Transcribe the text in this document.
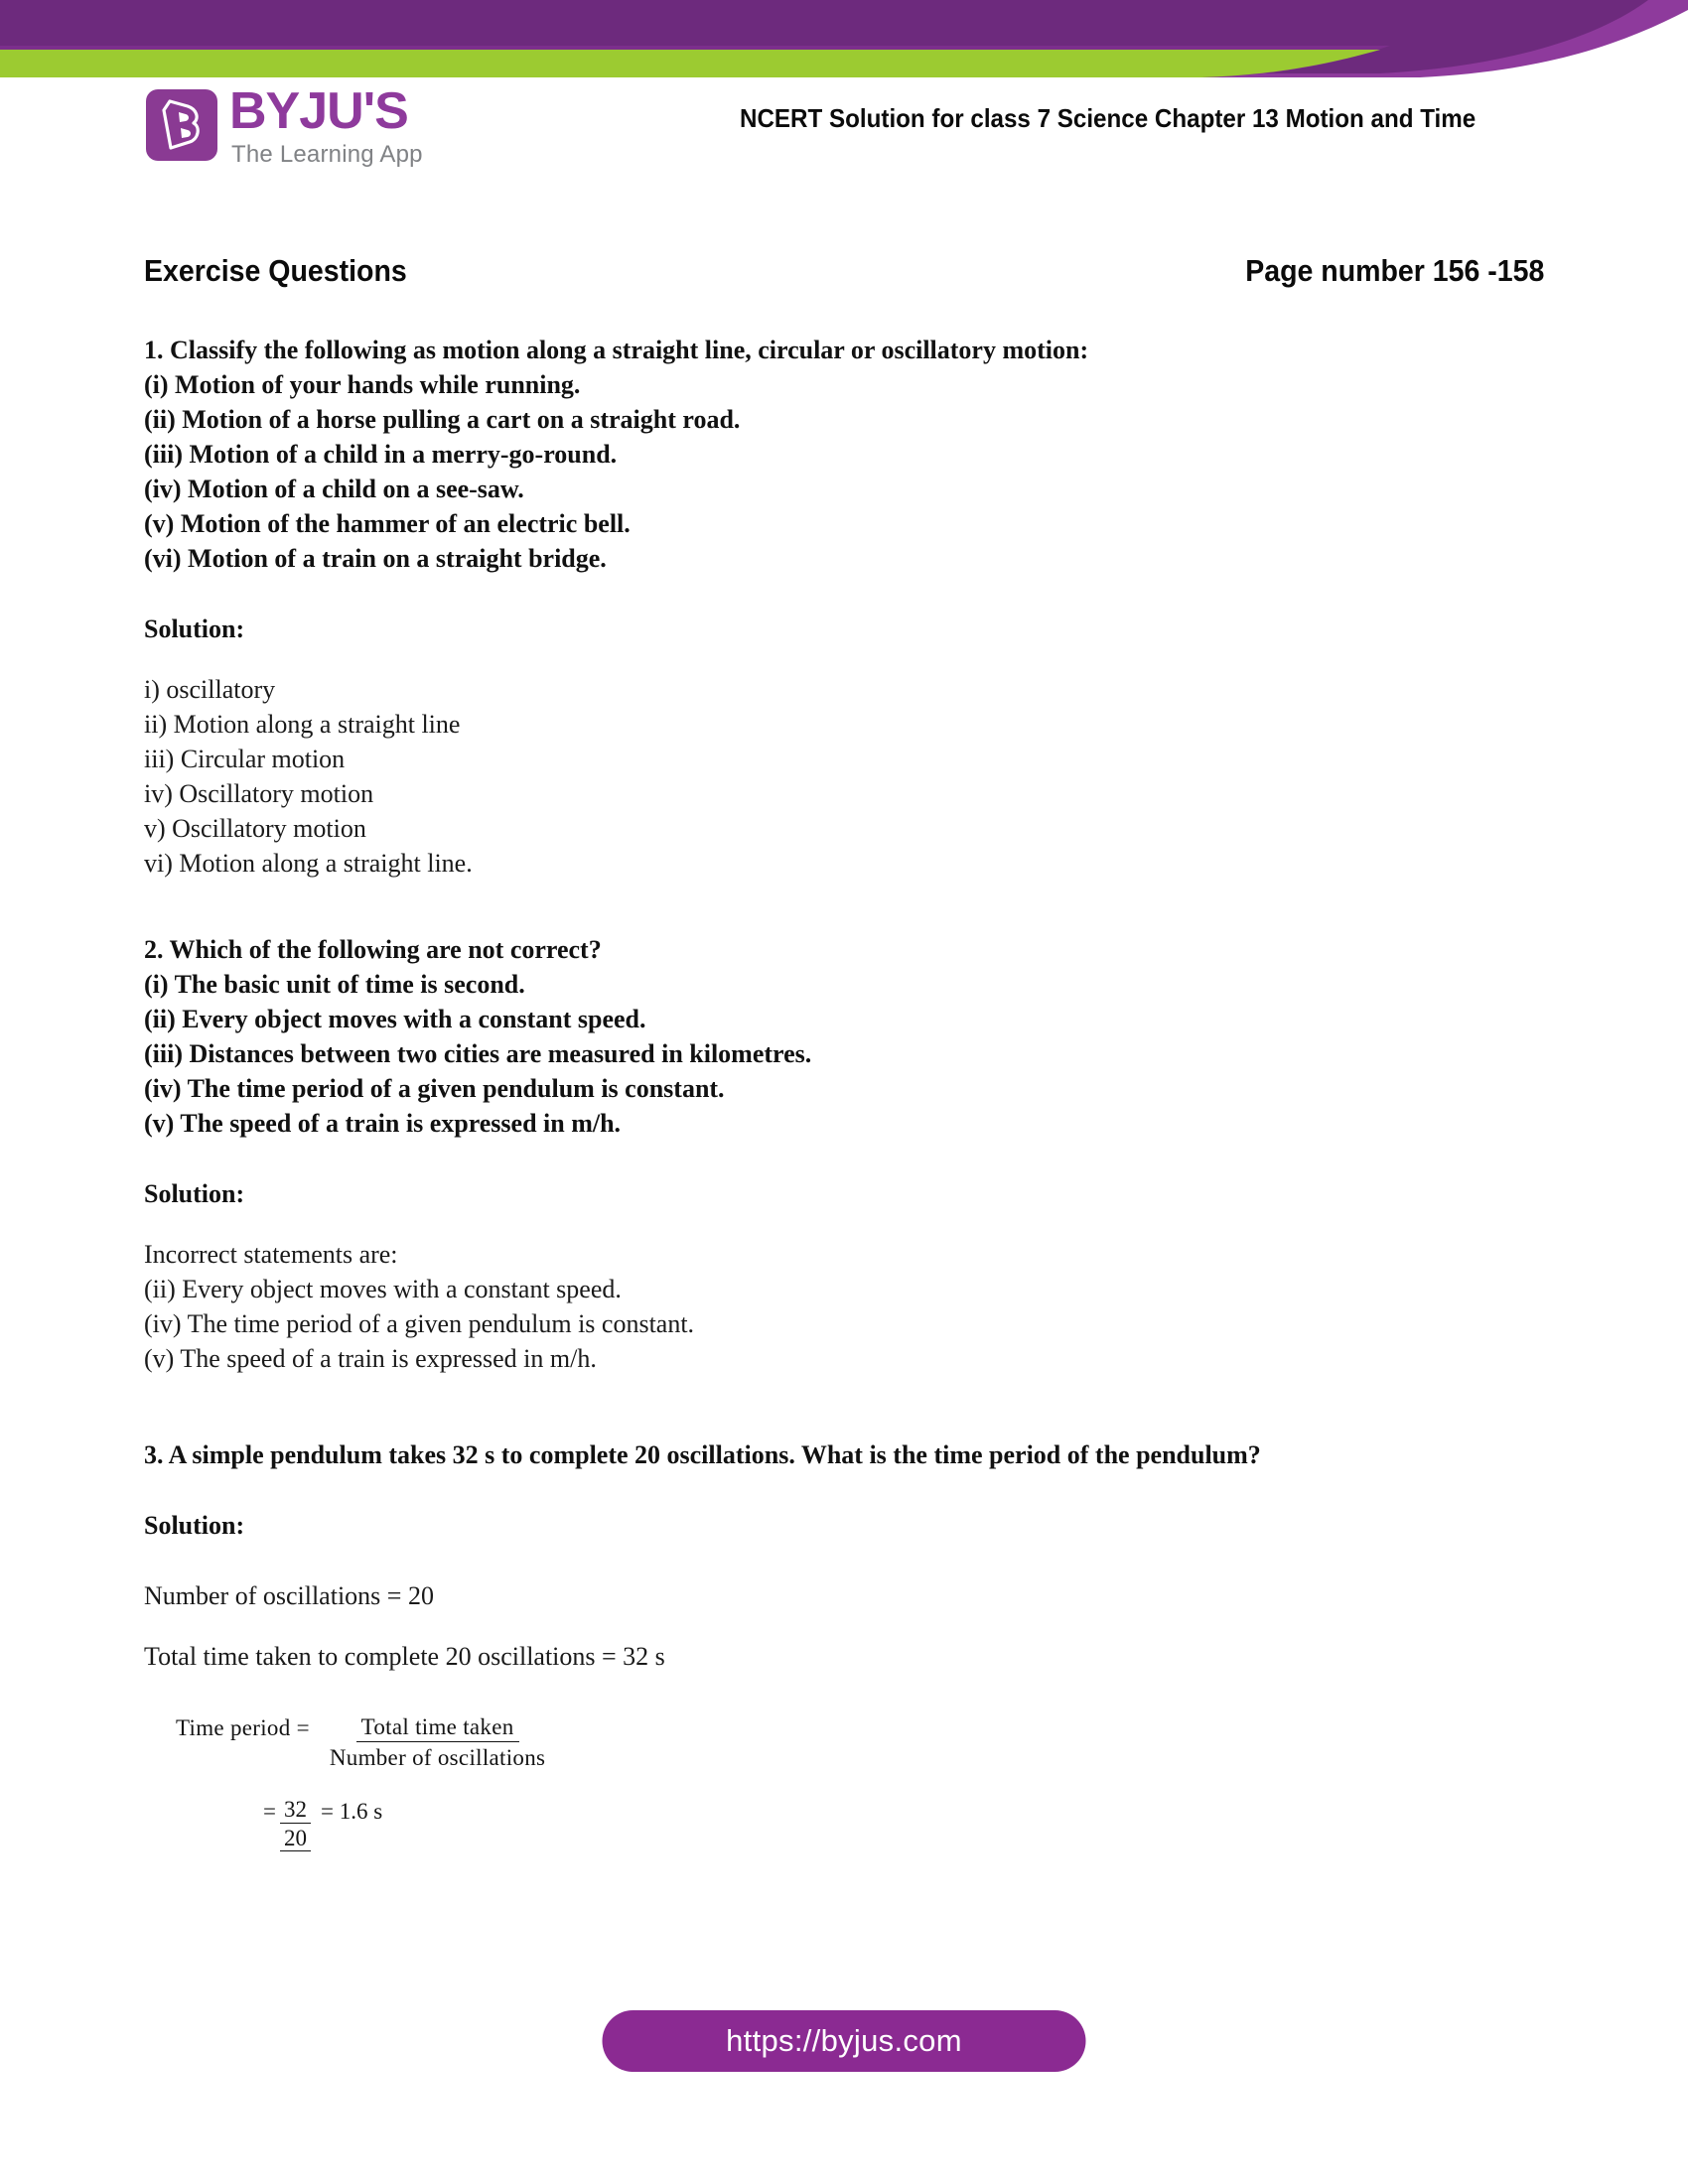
BYJU'S
The Learning App
NCERT Solution for class 7 Science Chapter 13 Motion and Time
Exercise Questions	Page number 156 -158
1. Classify the following as motion along a straight line, circular or oscillatory motion:
(i) Motion of your hands while running.
(ii) Motion of a horse pulling a cart on a straight road.
(iii) Motion of a child in a merry-go-round.
(iv) Motion of a child on a see-saw.
(v) Motion of the hammer of an electric bell.
(vi) Motion of a train on a straight bridge.
Solution:
i) oscillatory
ii) Motion along a straight line
iii) Circular motion
iv) Oscillatory motion
v) Oscillatory motion
vi) Motion along a straight line.
2. Which of the following are not correct?
(i) The basic unit of time is second.
(ii) Every object moves with a constant speed.
(iii) Distances between two cities are measured in kilometres.
(iv) The time period of a given pendulum is constant.
(v) The speed of a train is expressed in m/h.
Solution:
Incorrect statements are:
(ii) Every object moves with a constant speed.
(iv) The time period of a given pendulum is constant.
(v) The speed of a train is expressed in m/h.
3. A simple pendulum takes 32 s to complete 20 oscillations. What is the time period of the pendulum?
Solution:
Number of oscillations = 20
Total time taken to complete 20 oscillations = 32 s
Time period = $\frac{\text{Total time taken}}{\text{Number of oscillations}}$
= $\frac{32}{20} = 1.6$ s
https://byjus.com
